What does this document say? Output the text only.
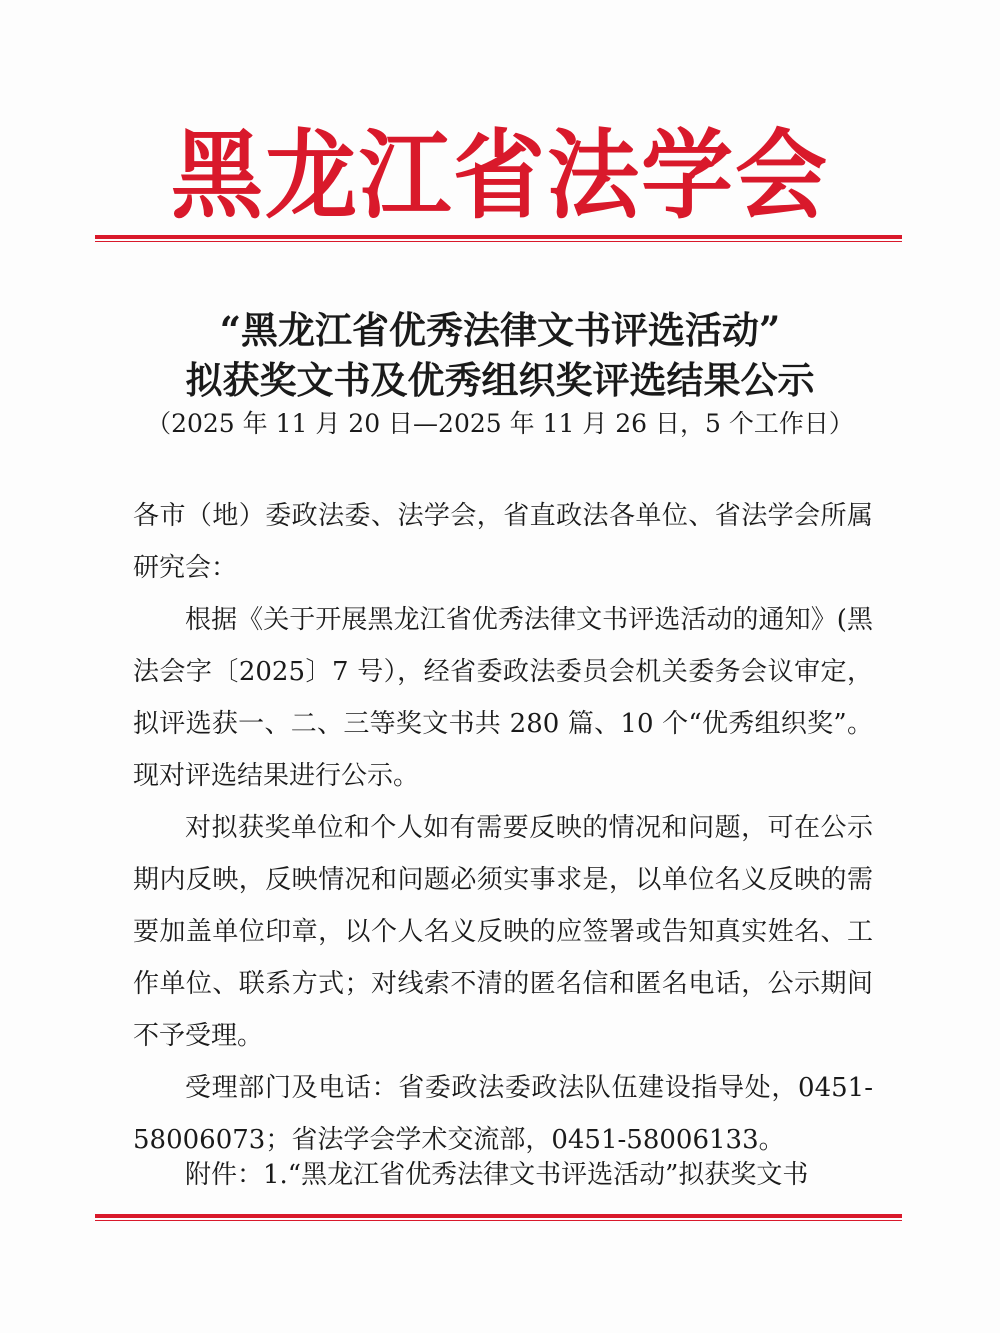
黑龙江省法学会
“黑龙江省优秀法律文书评选活动”
拟获奖文书及优秀组织奖评选结果公示
（2025 年 11 月 20 日—2025 年 11 月 26 日，5 个工作日）

各市（地）委政法委、法学会，省直政法各单位、省法学会所属研究会：

根据《关于开展黑龙江省优秀法律文书评选活动的通知》(黑法会字〔2025〕7 号），经省委政法委员会机关委务会议审定，拟评选获一、二、三等奖文书共 280 篇、10 个“优秀组织奖”。现对评选结果进行公示。

对拟获奖单位和个人如有需要反映的情况和问题，可在公示期内反映，反映情况和问题必须实事求是，以单位名义反映的需要加盖单位印章，以个人名义反映的应签署或告知真实姓名、工作单位、联系方式；对线索不清的匿名信和匿名电话，公示期间不予受理。

受理部门及电话：省委政法委政法队伍建设指导处，0451-58006073；省法学会学术交流部，0451-58006133。

附件：1.“黑龙江省优秀法律文书评选活动”拟获奖文书
